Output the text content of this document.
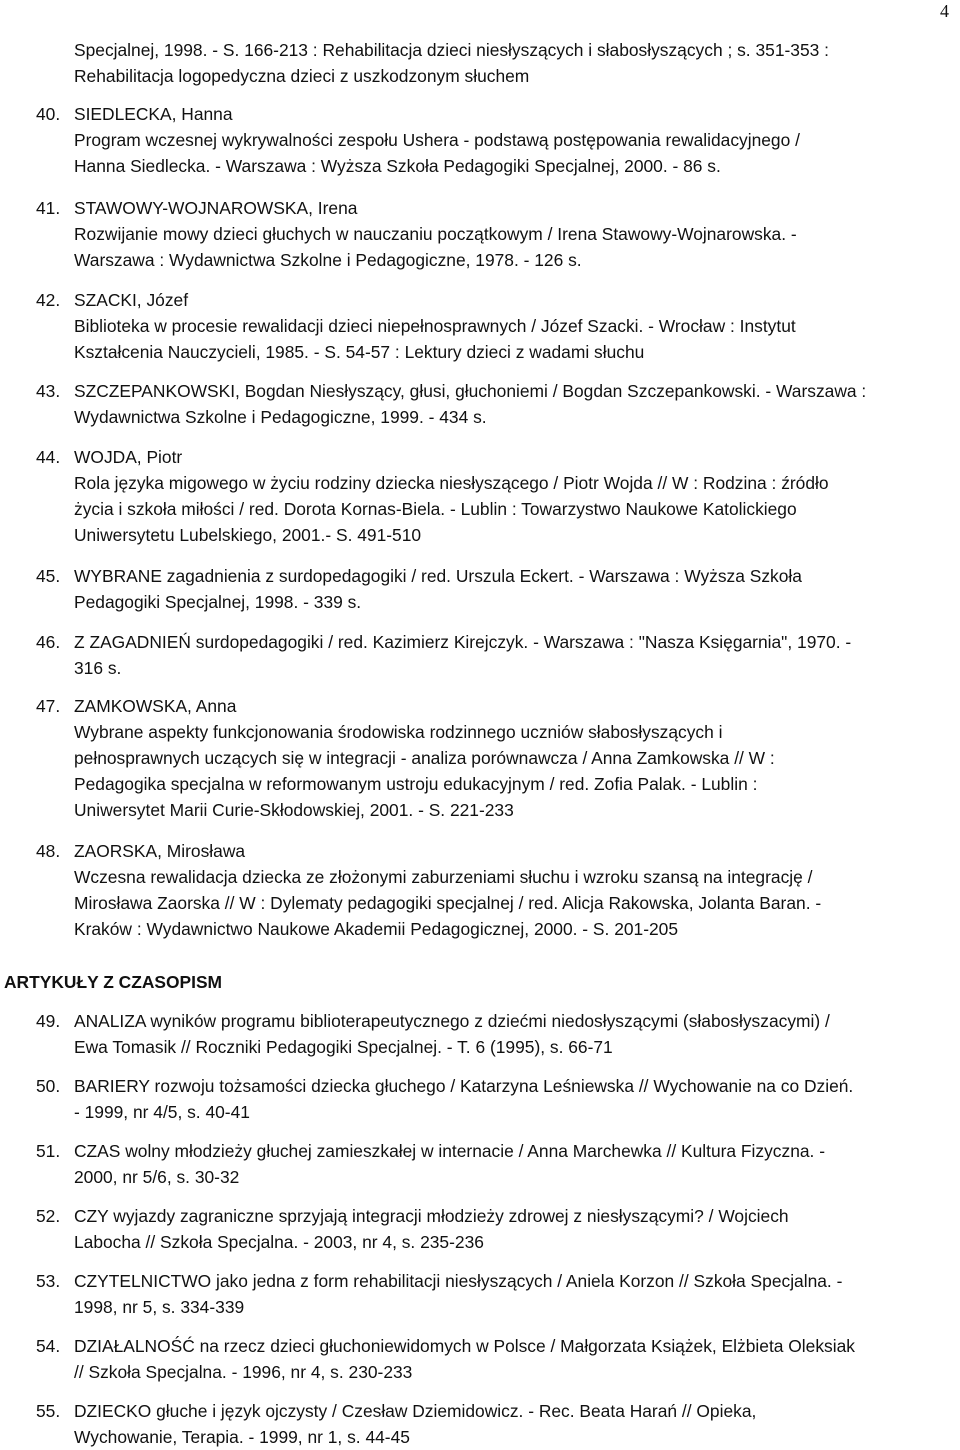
4
Specjalnej, 1998. - S. 166-213 : Rehabilitacja dzieci niesłyszących i słabosłyszących ; s. 351-353 :
Rehabilitacja logopedyczna dzieci z uszkodzonym słuchem
40. SIEDLECKA, Hanna
Program wczesnej wykrywalności zespołu Ushera - podstawą postępowania rewalidacyjnego /
Hanna Siedlecka. - Warszawa : Wyższa Szkoła Pedagogiki Specjalnej, 2000. - 86 s.
41. STAWOWY-WOJNAROWSKA, Irena
Rozwijanie mowy dzieci głuchych w nauczaniu początkowym / Irena Stawowy-Wojnarowska. -
Warszawa : Wydawnictwa Szkolne i Pedagogiczne, 1978. - 126 s.
42. SZACKI, Józef
Biblioteka w procesie rewalidacji dzieci niepełnosprawnych / Józef Szacki. - Wrocław : Instytut
Kształcenia Nauczycieli, 1985. - S. 54-57 : Lektury dzieci z wadami słuchu
43. SZCZEPANKOWSKI, Bogdan Niesłyszący, głusi, głuchoniemi / Bogdan Szczepankowski. - Warszawa :
Wydawnictwa Szkolne i Pedagogiczne, 1999. - 434 s.
44. WOJDA, Piotr
Rola języka migowego w życiu rodziny dziecka niesłyszącego / Piotr Wojda // W : Rodzina : źródło
życia i szkoła miłości / red. Dorota Kornas-Biela. - Lublin : Towarzystwo Naukowe Katolickiego
Uniwersytetu Lubelskiego, 2001.- S. 491-510
45. WYBRANE zagadnienia z surdopedagogiki / red. Urszula Eckert. - Warszawa : Wyższa Szkoła
Pedagogiki Specjalnej, 1998. - 339 s.
46. Z ZAGADNIEŃ surdopedagogiki / red. Kazimierz Kirejczyk. - Warszawa : "Nasza Księgarnia", 1970. -
316 s.
47. ZAMKOWSKA, Anna
Wybrane aspekty funkcjonowania środowiska rodzinnego uczniów słabosłyszących i
pełnosprawnych uczących się w integracji - analiza porównawcza / Anna Zamkowska // W :
Pedagogika specjalna w reformowanym ustroju edukacyjnym / red. Zofia Palak. - Lublin :
Uniwersytet Marii Curie-Skłodowskiej, 2001. - S. 221-233
48. ZAORSKA, Mirosława
Wczesna rewalidacja dziecka ze złożonymi zaburzeniami słuchu i wzroku szansą na integrację /
Mirosława Zaorska // W : Dylematy pedagogiki specjalnej / red. Alicja Rakowska, Jolanta Baran. -
Kraków : Wydawnictwo Naukowe Akademii Pedagogicznej, 2000. - S. 201-205
ARTYKUŁY Z CZASOPISM
49. ANALIZA wyników programu biblioterapeutycznego z dziećmi niedosłyszącymi (słabosłyszacymi) /
Ewa Tomasik // Roczniki Pedagogiki Specjalnej. - T. 6 (1995), s. 66-71
50. BARIERY rozwoju tożsamości dziecka głuchego / Katarzyna Leśniewska // Wychowanie na co Dzień.
- 1999, nr 4/5, s. 40-41
51. CZAS wolny młodzieży głuchej zamieszkałej w internacie / Anna Marchewka // Kultura Fizyczna. -
2000, nr 5/6, s. 30-32
52. CZY wyjazdy zagraniczne sprzyjają integracji młodzieży zdrowej z niesłyszącymi? / Wojciech
Labocha // Szkoła Specjalna. - 2003, nr 4, s. 235-236
53. CZYTELNICTWO jako jedna z form rehabilitacji niesłyszących / Aniela Korzon // Szkoła Specjalna. -
1998, nr 5, s. 334-339
54. DZIAŁALNOŚĆ na rzecz dzieci głuchoniewidomych w Polsce / Małgorzata Książek, Elżbieta Oleksiak
// Szkoła Specjalna. - 1996, nr 4, s. 230-233
55. DZIECKO głuche i język ojczysty / Czesław Dziemidowicz. - Rec. Beata Harań // Opieka,
Wychowanie, Terapia. - 1999, nr 1, s. 44-45
